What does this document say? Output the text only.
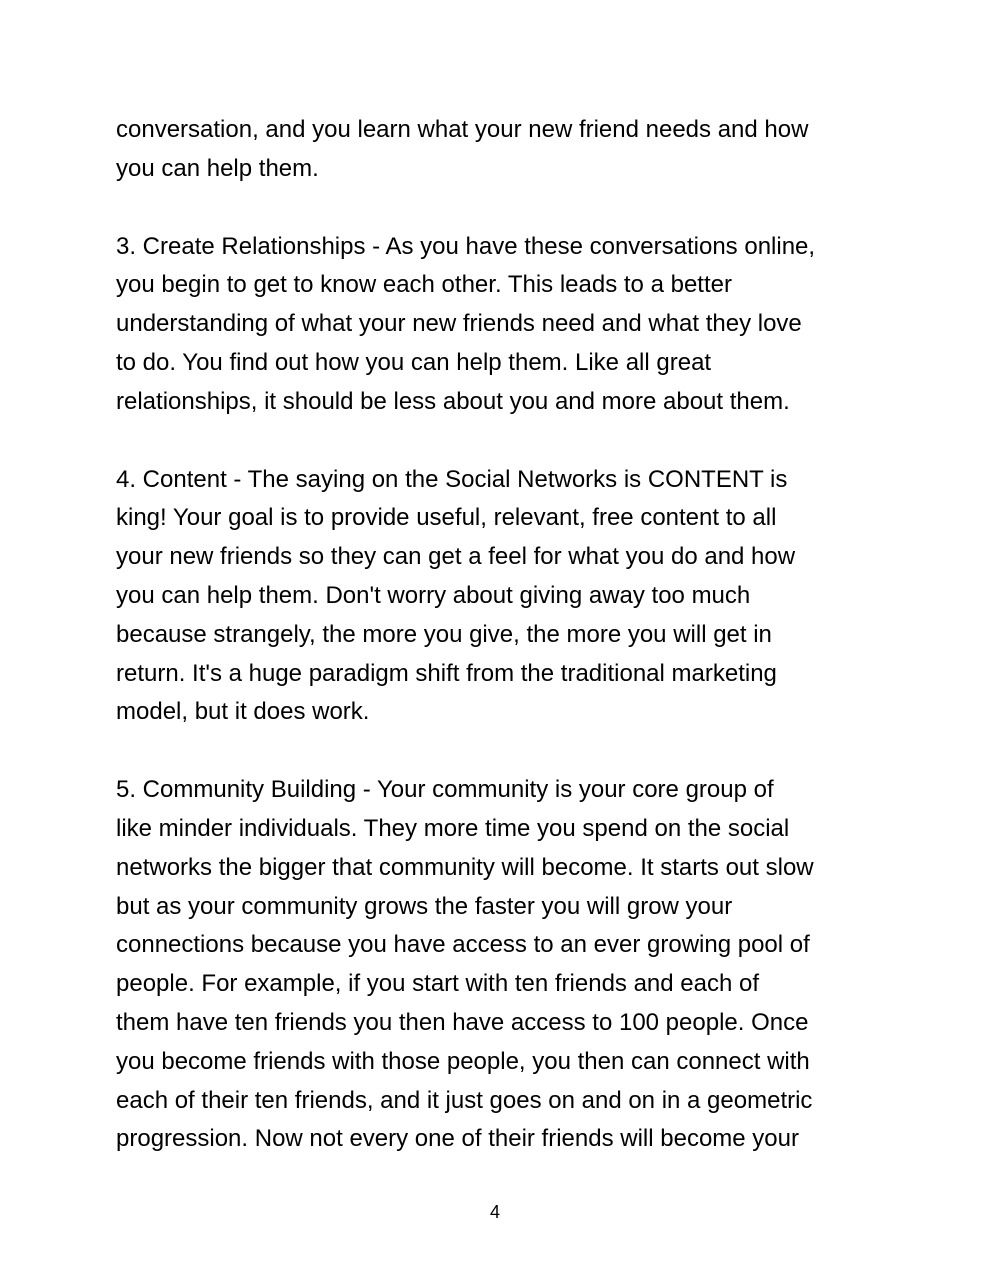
conversation, and you learn what your new friend needs and how
you can help them.

3. Create Relationships - As you have these conversations online,
you begin to get to know each other. This leads to a better
understanding of what your new friends need and what they love
to do. You find out how you can help them. Like all great
relationships, it should be less about you and more about them.

4. Content - The saying on the Social Networks is CONTENT is
king! Your goal is to provide useful, relevant, free content to all
your new friends so they can get a feel for what you do and how
you can help them. Don't worry about giving away too much
because strangely, the more you give, the more you will get in
return. It's a huge paradigm shift from the traditional marketing
model, but it does work.

5. Community Building - Your community is your core group of
like minder individuals. They more time you spend on the social
networks the bigger that community will become. It starts out slow
but as your community grows the faster you will grow your
connections because you have access to an ever growing pool of
people. For example, if you start with ten friends and each of
them have ten friends you then have access to 100 people. Once
you become friends with those people, you then can connect with
each of their ten friends, and it just goes on and on in a geometric
progression. Now not every one of their friends will become your

4
